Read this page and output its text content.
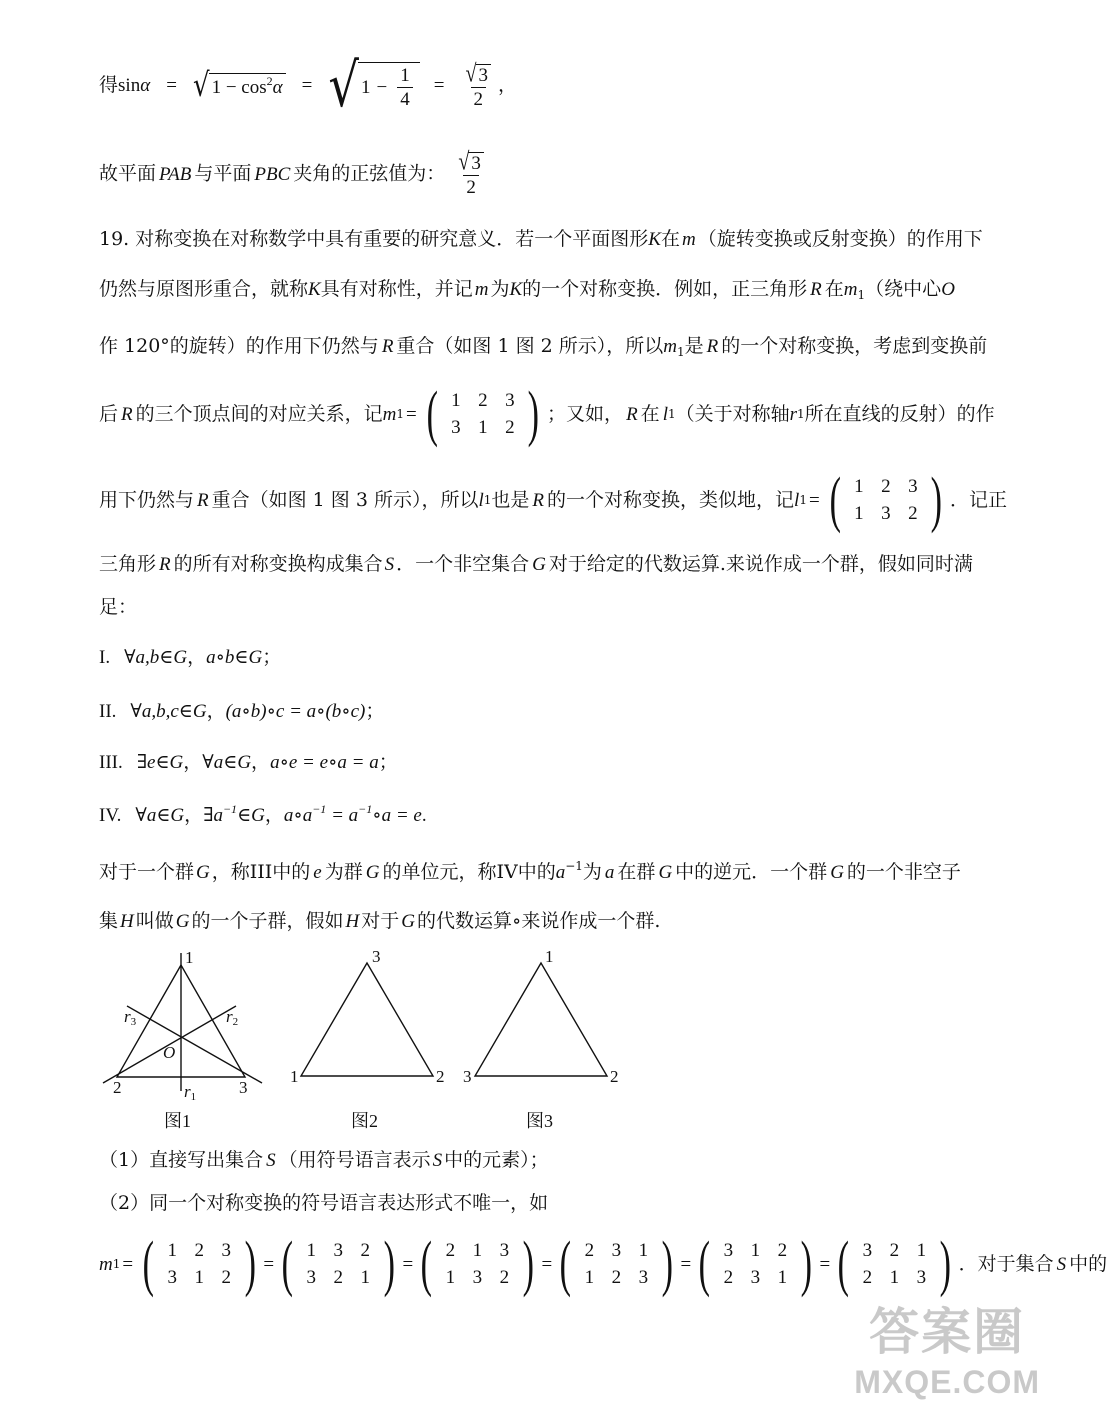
得sinα = √ $1 - \cos^2\alpha$ = √ $1 - \frac{1}{4} = \frac{√ 3}{2}$ ，
故平面 PAB 与平面 PBC 夹角的正弦值为： $\frac{√ 3}{2}$
19. 对称变换在对称数学中具有重要的研究意义．若一个平面图形K在 m （旋转变换或反射变换）的作用下
仍然与原图形重合，就称K具有对称性，并记 m 为K的一个对称变换．例如，正三角形 R 在$m_1$（绕中心O
作 120°的旋转）的作用下仍然与 R 重合（如图 1 图 2 所示），所以$m_1$是 R 的一个对称变换，考虑到变换前
后 R 的三个顶点间的对应关系，记 m 1 = ( 1 2 3
3 1 2 ) ；又如， R 在 l 1 （关于对称轴 r 1 所在直线的反射）的作
用下仍然与 R 重合（如图 1 图 3 所示），所以 l 1 也是 R 的一个对称变换，类似地，记 l 1 = ( 1 2 3
1 3 2 ) ．记正
三角形 R 的所有对称变换构成集合 S ．一个非空集合 G 对于给定的代数运算.来说作成一个群，假如同时满
足：
I. ∀a,b∈G，a∘b∈G；
II. ∀a,b,c∈G，(a∘b)∘c = a∘(b∘c)；
III. ∃e∈G，∀a∈G，a∘e = e∘a = a；
IV. ∀a∈G，$\exists a^{-1}\in G$，$a\circ a^{-1}$ = $a^{-1}\circ a = e$.
对于一个群 G ，称III中的 e 为群 G 的单位元，称IV中的$a^{-1}$为 a 在群 G 中的逆元．一个群 G 的一个非空子
集 H 叫做 G 的一个子群，假如 H 对于 G 的代数运算∘来说作成一个群.
1
2	3
O
r1
r2
r3
图1
3
1	2
图2
1
3	2
图3
（1）直接写出集合 S （用符号语言表示 S 中的元素）；
（2）同一个对称变换的符号语言表达形式不唯一，如
m 1 = ( 1 2 3
3 1 2 ) = ( 1 3 2
3 2 1 ) = ( 2 1 3
1 3 2 ) = ( 2 3 1
1 2 3 ) = ( 3 1 2
2 3 1 ) = ( 3 2 1
2 1 3 ) ．对于集合 S 中的
答案圈
MXQE.COM
